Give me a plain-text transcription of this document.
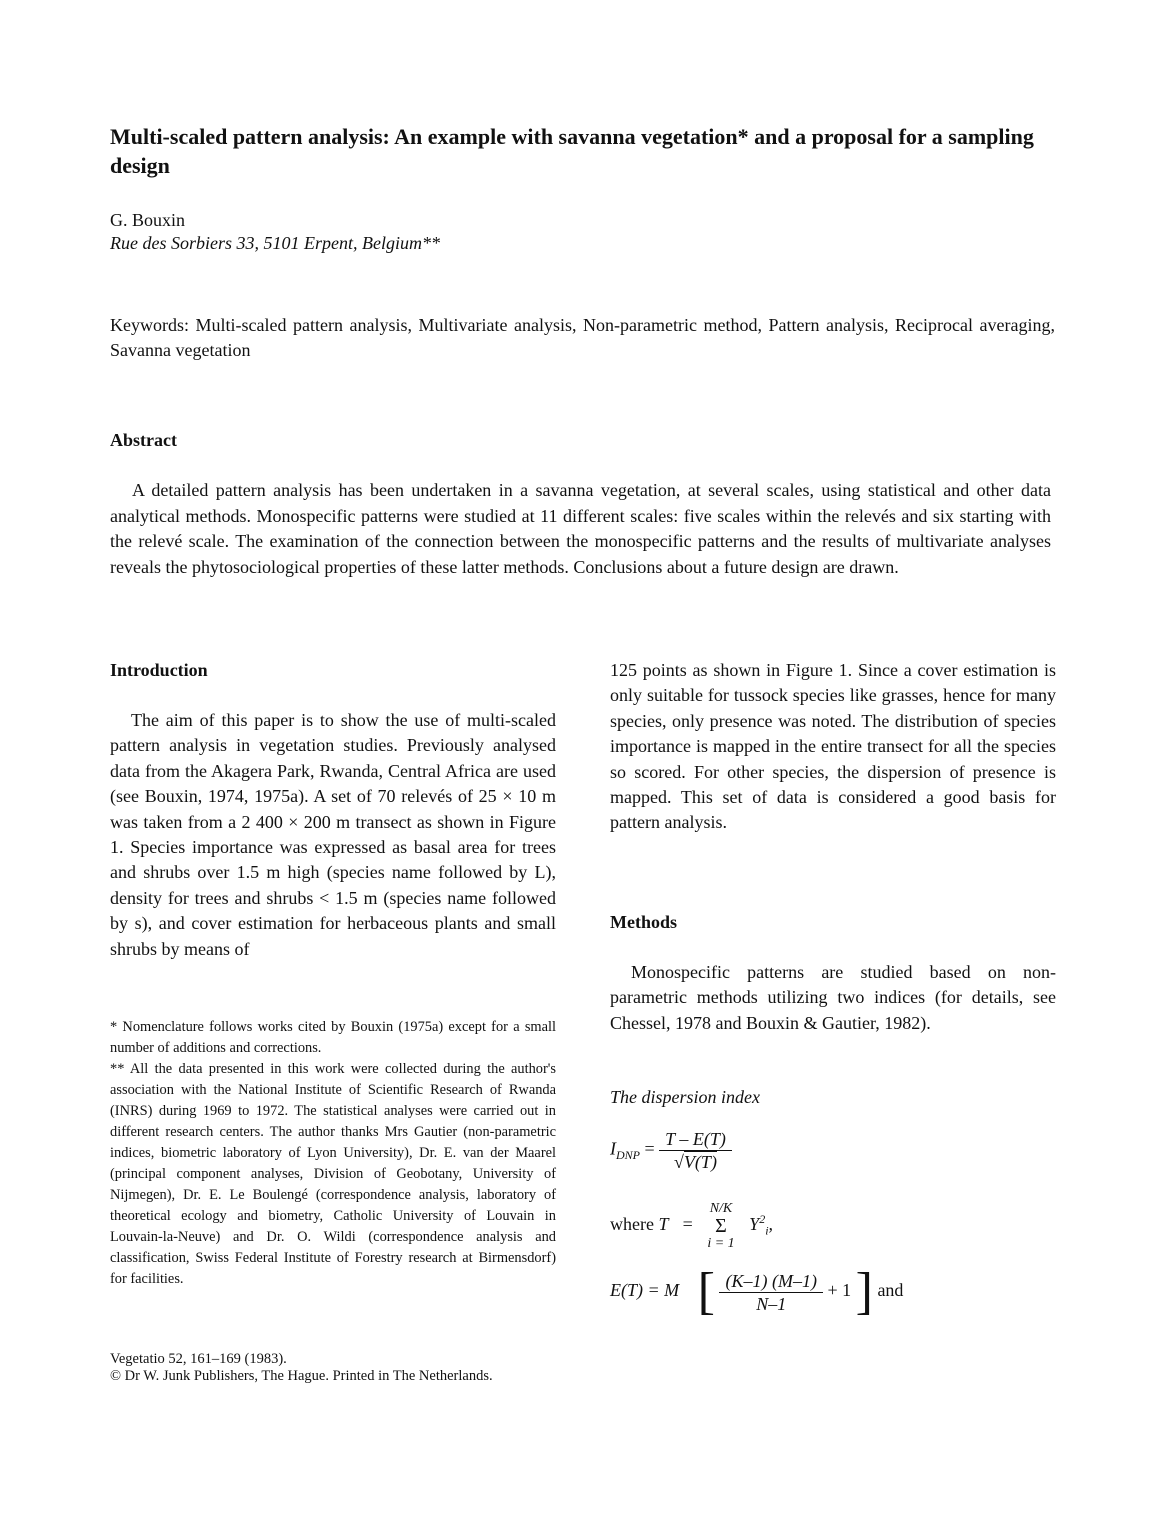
Multi-scaled pattern analysis: An example with savanna vegetation* and a proposal for a sampling design
G. Bouxin
Rue des Sorbiers 33, 5101 Erpent, Belgium**
Keywords: Multi-scaled pattern analysis, Multivariate analysis, Non-parametric method, Pattern analysis, Reciprocal averaging, Savanna vegetation
Abstract

A detailed pattern analysis has been undertaken in a savanna vegetation, at several scales, using statistical and other data analytical methods. Monospecific patterns were studied at 11 different scales: five scales within the relevés and six starting with the relevé scale. The examination of the connection between the monospecific patterns and the results of multivariate analyses reveals the phytosociological properties of these latter methods. Conclusions about a future design are drawn.

Introduction

The aim of this paper is to show the use of multi-scaled pattern analysis in vegetation studies. Previously analysed data from the Akagera Park, Rwanda, Central Africa are used (see Bouxin, 1974, 1975a). A set of 70 relevés of 25 × 10 m was taken from a 2 400 × 200 m transect as shown in Figure 1. Species importance was expressed as basal area for trees and shrubs over 1.5 m high (species name followed by L), density for trees and shrubs < 1.5 m (species name followed by s), and cover estimation for herbaceous plants and small shrubs by means of

* Nomenclature follows works cited by Bouxin (1975a) except for a small number of additions and corrections.

** All the data presented in this work were collected during the author's association with the National Institute of Scientific Research of Rwanda (INRS) during 1969 to 1972. The statistical analyses were carried out in different research centers. The author thanks Mrs Gautier (non-parametric indices, biometric laboratory of Lyon University), Dr. E. van der Maarel (principal component analyses, Division of Geobotany, University of Nijmegen), Dr. E. Le Boulengé (correspondence analysis, laboratory of theoretical ecology and biometry, Catholic University of Louvain in Louvain-la-Neuve) and Dr. O. Wildi (correspondence analysis and classification, Swiss Federal Institute of Forestry research at Birmensdorf) for facilities.

Vegetatio 52, 161–169 (1983).
© Dr W. Junk Publishers, The Hague. Printed in The Netherlands.

125 points as shown in Figure 1. Since a cover estimation is only suitable for tussock species like grasses, hence for many species, only presence was noted. The distribution of species importance is mapped in the entire transect for all the species so scored. For other species, the dispersion of presence is mapped. This set of data is considered a good basis for pattern analysis.

Methods

Monospecific patterns are studied based on non-parametric methods utilizing two indices (for details, see Chessel, 1978 and Bouxin & Gautier, 1982).

The dispersion index
$I_{DNP} = \frac{T - E(T)}{√V(T)}$
where T =
N/K
Σ
i = 1
$Y^2_i$,
E(T) = M [ $\frac{(K-1) (M-1)}{N-1} + 1$ ] and
